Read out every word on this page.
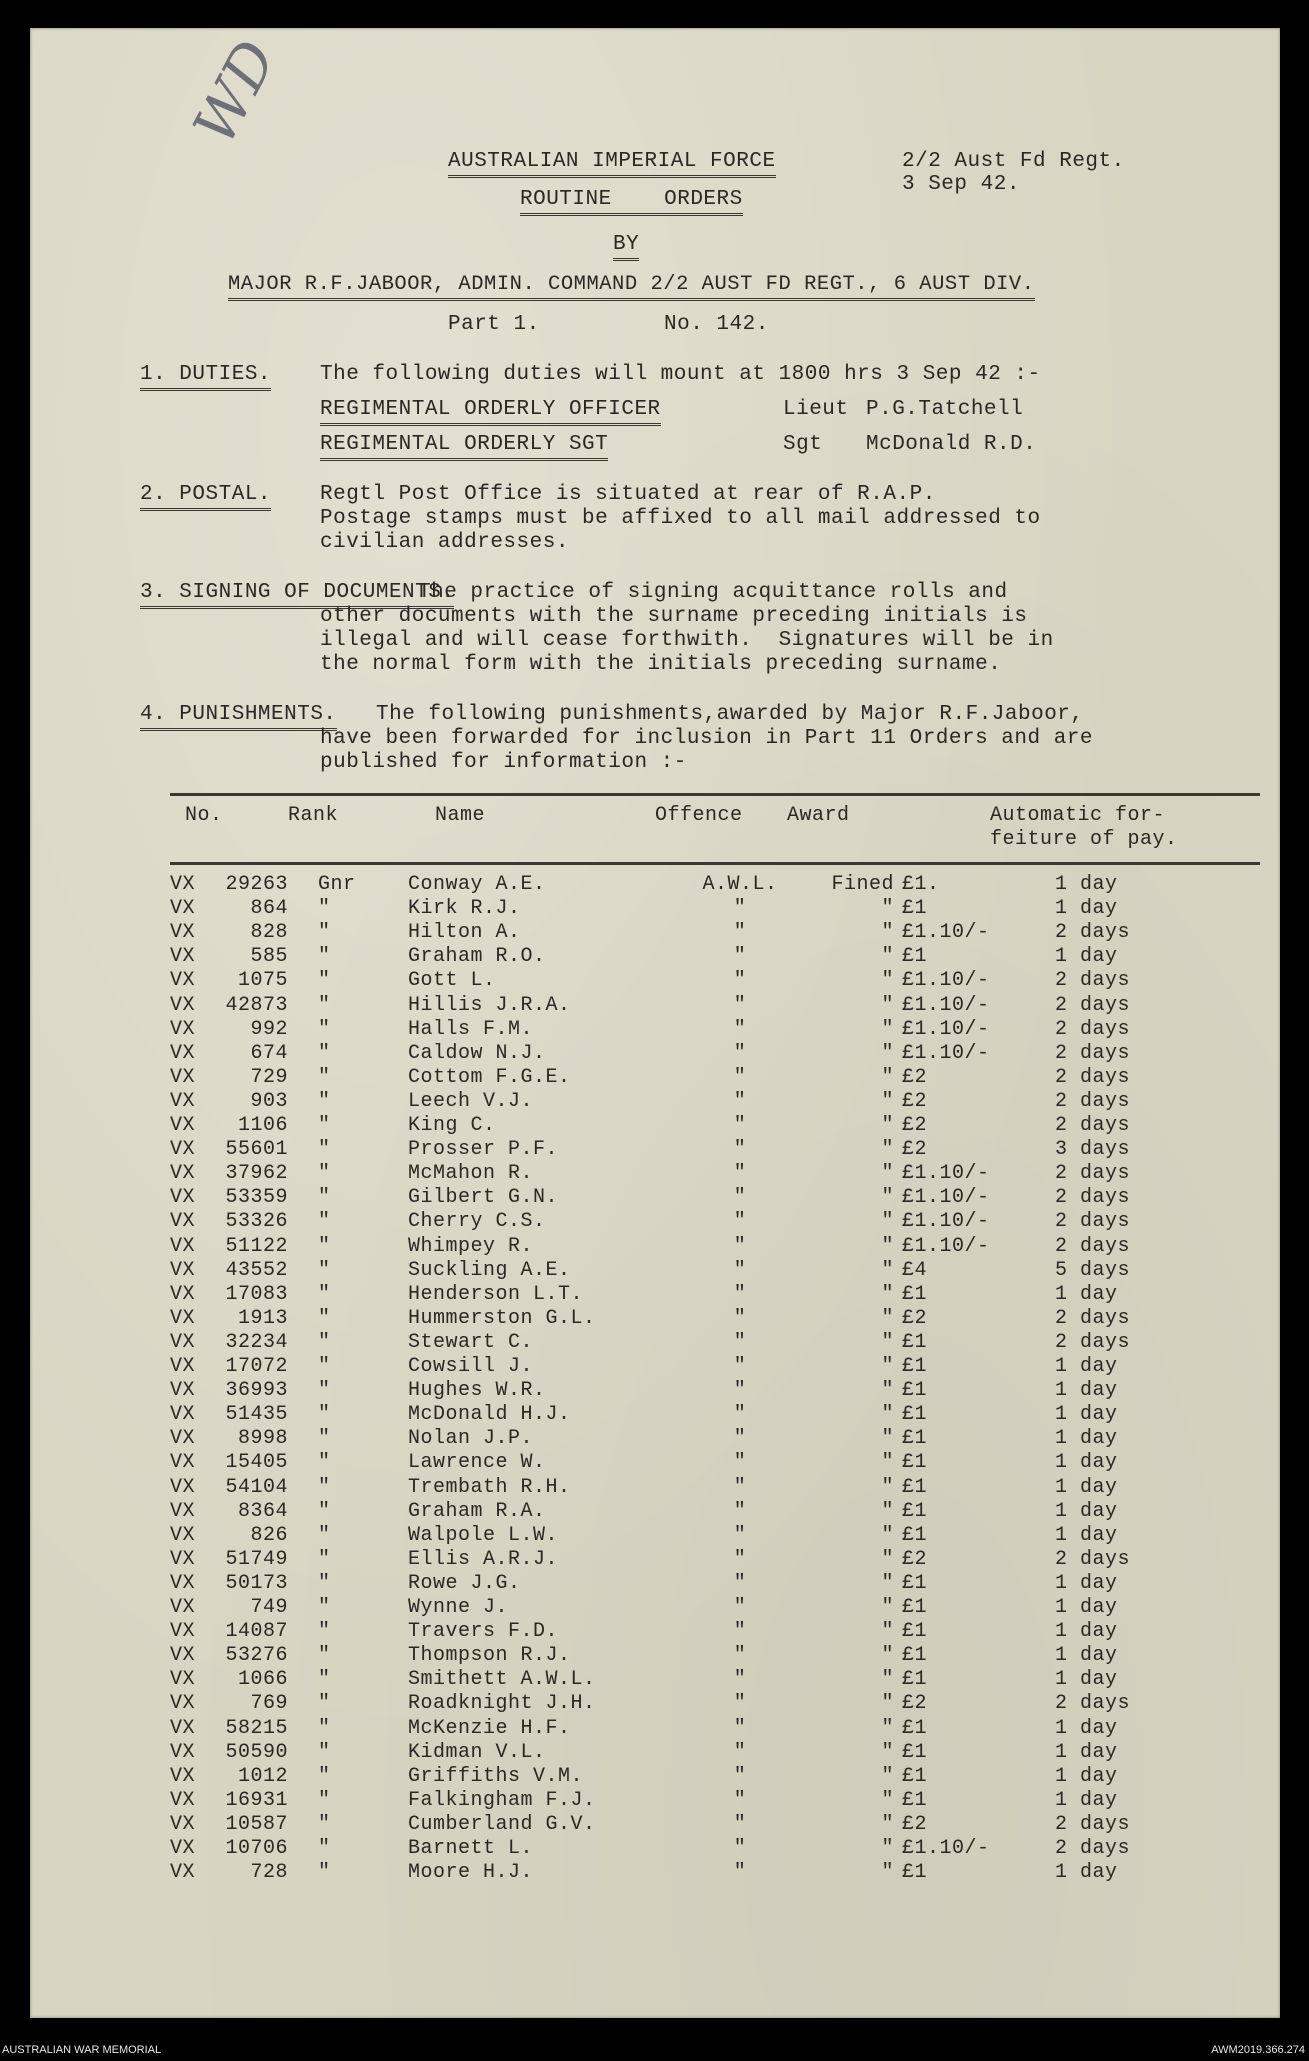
WD
AUSTRALIAN IMPERIAL FORCE
ROUTINE    ORDERS
BY
MAJOR R.F.JABOOR, ADMIN. COMMAND 2/2 AUST FD REGT., 6 AUST DIV.
Part 1.	No. 142.
2/2 Aust Fd Regt.
3 Sep 42.
1. DUTIES. The following duties will mount at 1800 hrs 3 Sep 42 :-
REGIMENTAL ORDERLY OFFICER	Lieut P.G.Tatchell
REGIMENTAL ORDERLY SGT	Sgt McDonald R.D.
2. POSTAL. Regtl Post Office is situated at rear of R.A.P.
Postage stamps must be affixed to all mail addressed to
civilian addresses.
3. SIGNING OF DOCUMENTS.
The practice of signing acquittance rolls and
other documents with the surname preceding initials is
illegal and will cease forthwith.  Signatures will be in
the normal form with the initials preceding surname.
4. PUNISHMENTS. The following punishments,awarded by Major R.F.Jaboor,
have been forwarded for inclusion in Part 11 Orders and are
published for information :-
No.	Rank	Name	Offence Award	Automatic for-
feiture of pay.
VX	29263 Gnr	Conway A.E.	A.W.L.	Fined £1.	1 day
VX	864 "	Kirk R.J.	"	" £1	1 day
VX	828 "	Hilton A.	"	" £1.10/-	2 days
VX	585 "	Graham R.O.	"	" £1	1 day
VX	1075 "	Gott L.	"	" £1.10/-	2 days
VX	42873 "	Hillis J.R.A.	"	" £1.10/-	2 days
VX	992 "	Halls F.M.	"	" £1.10/-	2 days
VX	674 "	Caldow N.J.	"	" £1.10/-	2 days
VX	729 "	Cottom F.G.E.	"	" £2	2 days
VX	903 "	Leech V.J.	"	" £2	2 days
VX	1106 "	King C.	"	" £2	2 days
VX	55601 "	Prosser P.F.	"	" £2	3 days
VX	37962 "	McMahon R.	"	" £1.10/-	2 days
VX	53359 "	Gilbert G.N.	"	" £1.10/-	2 days
VX	53326 "	Cherry C.S.	"	" £1.10/-	2 days
VX	51122 "	Whimpey R.	"	" £1.10/-	2 days
VX	43552 "	Suckling A.E.	"	" £4	5 days
VX	17083 "	Henderson L.T.	"	" £1	1 day
VX	1913 "	Hummerston G.L.	"	" £2	2 days
VX	32234 "	Stewart C.	"	" £1	2 days
VX	17072 "	Cowsill J.	"	" £1	1 day
VX	36993 "	Hughes W.R.	"	" £1	1 day
VX	51435 "	McDonald H.J.	"	" £1	1 day
VX	8998 "	Nolan J.P.	"	" £1	1 day
VX	15405 "	Lawrence W.	"	" £1	1 day
VX	54104 "	Trembath R.H.	"	" £1	1 day
VX	8364 "	Graham R.A.	"	" £1	1 day
VX	826 "	Walpole L.W.	"	" £1	1 day
VX	51749 "	Ellis A.R.J.	"	" £2	2 days
VX	50173 "	Rowe J.G.	"	" £1	1 day
VX	749 "	Wynne J.	"	" £1	1 day
VX	14087 "	Travers F.D.	"	" £1	1 day
VX	53276 "	Thompson R.J.	"	" £1	1 day
VX	1066 "	Smithett A.W.L.	"	" £1	1 day
VX	769 "	Roadknight J.H.	"	" £2	2 days
VX	58215 "	McKenzie H.F.	"	" £1	1 day
VX	50590 "	Kidman V.L.	"	" £1	1 day
VX	1012 "	Griffiths V.M.	"	" £1	1 day
VX	16931 "	Falkingham F.J.	"	" £1	1 day
VX	10587 "	Cumberland G.V.	"	" £2	2 days
VX	10706 "	Barnett L.	"	" £1.10/-	2 days
VX	728 "	Moore H.J.	"	" £1	1 day
AUSTRALIAN WAR MEMORIAL	AWM2019.366.274
